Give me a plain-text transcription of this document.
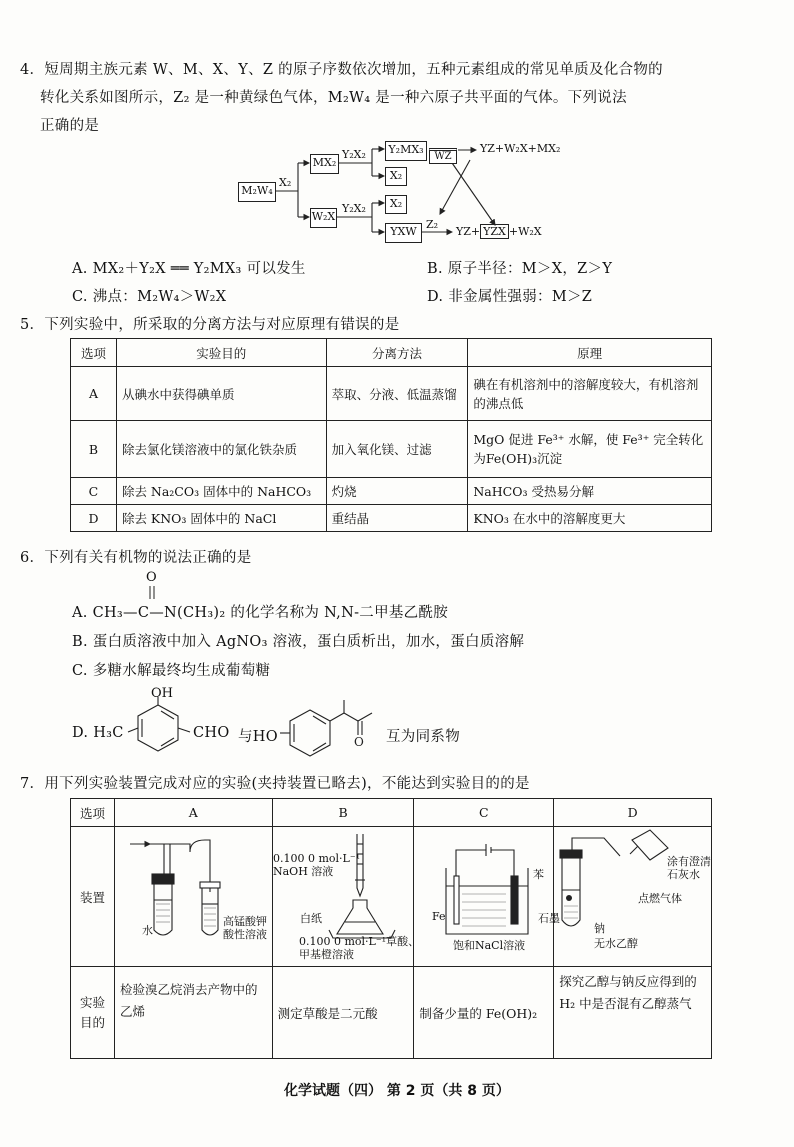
4．短周期主族元素 W、M、X、Y、Z 的原子序数依次增加，五种元素组成的常见单质及化合物的
转化关系如图所示，Z₂ 是一种黄绿色气体，M₂W₄ 是一种六原子共平面的气体。下列说法
正确的是
M₂W₄
X₂
MX₂
Y₂X₂
W₂X
Y₂X₂
Y₂MX₃
WZ
YZ+W₂X+MX₂
X₂
X₂
YXW
Z₂
YZ+ YZX +W₂X
A. MX₂＋Y₂X ══ Y₂MX₃ 可以发生	B. 原子半径：M＞X，Z＞Y
C. 沸点：M₂W₄＞W₂X	D. 非金属性强弱：M＞Z
5．下列实验中，所采取的分离方法与对应原理有错误的是
选项	实验目的	分离方法	原理
A	从碘水中获得碘单质	萃取、分液、低温蒸馏	碘在有机溶剂中的溶解度较大，有机溶剂的沸点低
B	除去氯化镁溶液中的氯化铁杂质	加入氧化镁、过滤	MgO 促进 Fe³⁺ 水解，使 Fe³⁺ 完全转化为Fe(OH)₃沉淀
C	除去 Na₂CO₃ 固体中的 NaHCO₃	灼烧	NaHCO₃ 受热易分解
D	除去 KNO₃ 固体中的 NaCl	重结晶	KNO₃ 在水中的溶解度更大
6．下列有关有机物的说法正确的是
O
A. CH₃—C—N(CH₃)₂ 的化学名称为 N,N-二甲基乙酰胺
B. 蛋白质溶液中加入 AgNO₃ 溶液，蛋白质析出，加水，蛋白质溶解
C. 多糖水解最终均生成葡萄糖
D. H₃C
OH
CHO 与HO	O 互为同系物
7．用下列实验装置完成对应的实验(夹持装置已略去)，不能达到实验目的的是
选项	A	B	C	D
装置				
实验目的	检验溴乙烷消去产物中的乙烯	测定草酸是二元酸	制备少量的 Fe(OH)₂	探究乙醇与钠反应得到的 H₂ 中是否混有乙醇蒸气
水
高锰酸钾
酸性溶液
0.100 0 mol·L⁻¹
NaOH 溶液
白纸
0.100 0 mol·L⁻¹草酸、
甲基橙溶液
苯
Fe	石墨
饱和NaCl溶液
涂有澄清
石灰水
点燃气体
钠
无水乙醇
化学试题（四） 第 2 页（共 8 页）
